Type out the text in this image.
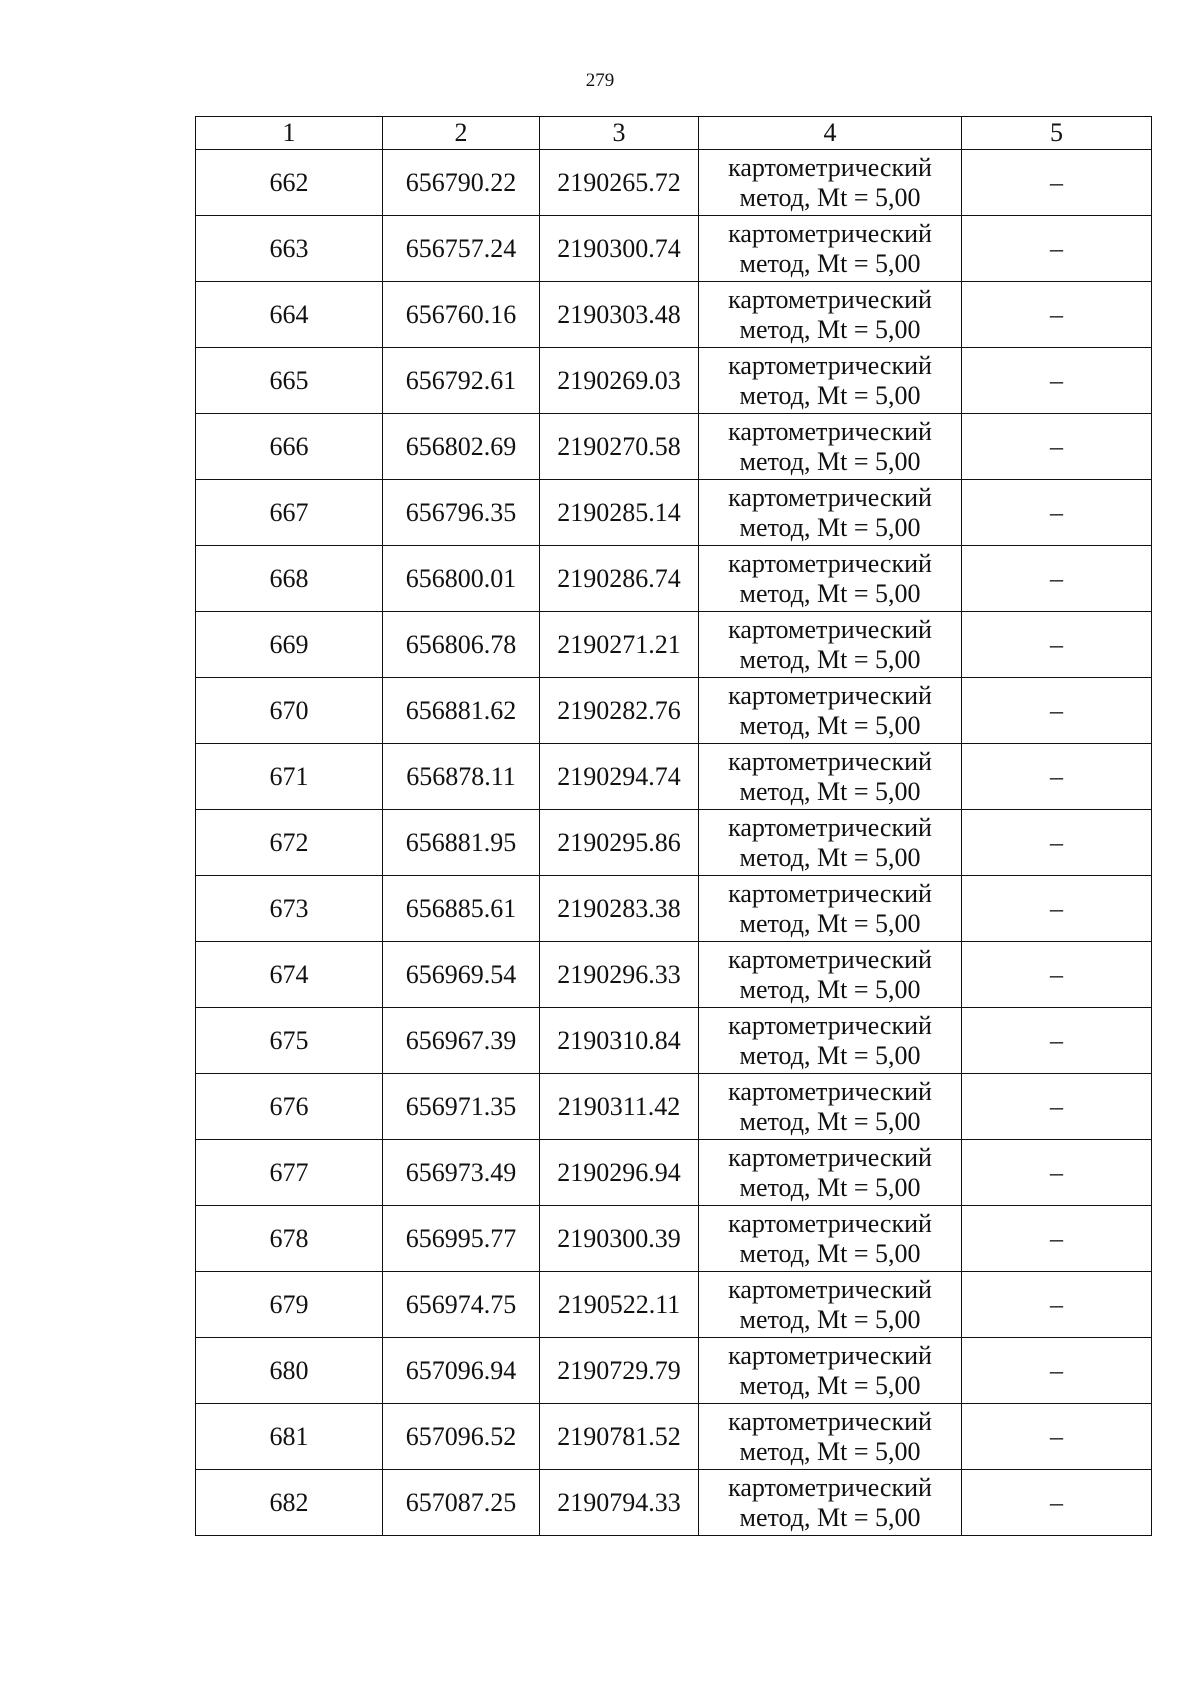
279
1	2	3	4	5
662	656790.22	2190265.72	картометрический
метод, Mt = 5,00	–
663	656757.24	2190300.74	картометрический
метод, Mt = 5,00	–
664	656760.16	2190303.48	картометрический
метод, Mt = 5,00	–
665	656792.61	2190269.03	картометрический
метод, Mt = 5,00	–
666	656802.69	2190270.58	картометрический
метод, Mt = 5,00	–
667	656796.35	2190285.14	картометрический
метод, Mt = 5,00	–
668	656800.01	2190286.74	картометрический
метод, Mt = 5,00	–
669	656806.78	2190271.21	картометрический
метод, Mt = 5,00	–
670	656881.62	2190282.76	картометрический
метод, Mt = 5,00	–
671	656878.11	2190294.74	картометрический
метод, Mt = 5,00	–
672	656881.95	2190295.86	картометрический
метод, Mt = 5,00	–
673	656885.61	2190283.38	картометрический
метод, Mt = 5,00	–
674	656969.54	2190296.33	картометрический
метод, Mt = 5,00	–
675	656967.39	2190310.84	картометрический
метод, Mt = 5,00	–
676	656971.35	2190311.42	картометрический
метод, Mt = 5,00	–
677	656973.49	2190296.94	картометрический
метод, Mt = 5,00	–
678	656995.77	2190300.39	картометрический
метод, Mt = 5,00	–
679	656974.75	2190522.11	картометрический
метод, Mt = 5,00	–
680	657096.94	2190729.79	картометрический
метод, Mt = 5,00	–
681	657096.52	2190781.52	картометрический
метод, Mt = 5,00	–
682	657087.25	2190794.33	картометрический
метод, Mt = 5,00	–
